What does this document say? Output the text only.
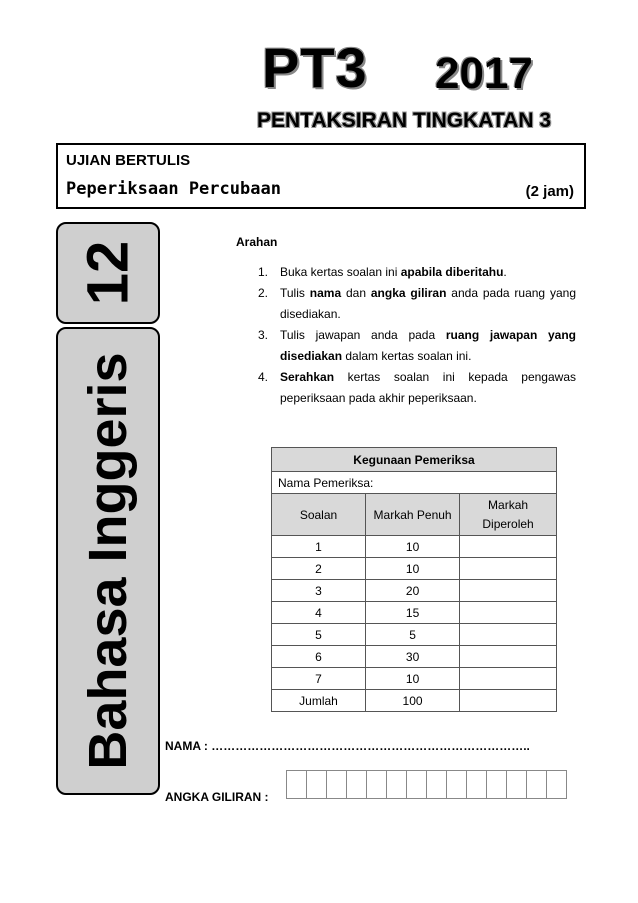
PT3 2017
PENTAKSIRAN TINGKATAN 3
UJIAN BERTULIS
Peperiksaan Percubaan	(2 jam)
12
Bahasa Inggeris
Arahan
1. Buka kertas soalan ini apabila diberitahu.
2. Tulis nama dan angka giliran anda pada ruang yang disediakan.
3. Tulis jawapan anda pada ruang jawapan yang disediakan dalam kertas soalan ini.
4. Serahkan kertas soalan ini kepada pengawas peperiksaan pada akhir peperiksaan.
Kegunaan Pemeriksa		
Nama Pemeriksa:		
Soalan	Markah Penuh	Markah
Diperoleh
1	10	
2	10	
3	20	
4	15	
5	5	
6	30	
7	10	
Jumlah	100	
NAMA : ……………………………………………………………………..
ANGKA GILIRAN :
